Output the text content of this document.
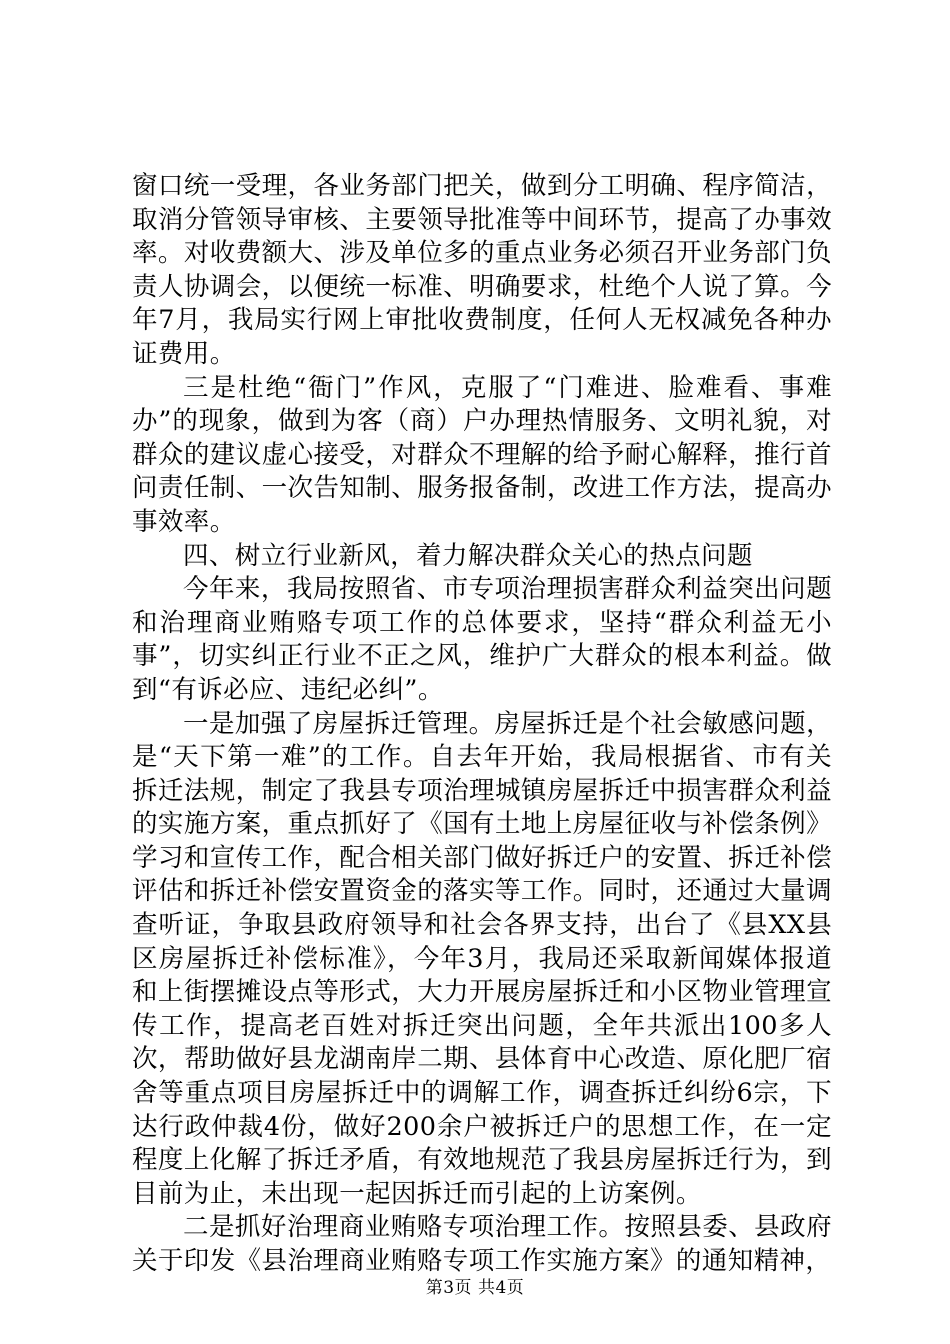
窗口统一受理，各业务部门把关，做到分工明确、程序简洁，取消分管领导审核、主要领导批准等中间环节，提高了办事效率。对收费额大、涉及单位多的重点业务必须召开业务部门负责人协调会，以便统一标准、明确要求，杜绝个人说了算。今年7月，我局实行网上审批收费制度，任何人无权减免各种办证费用。

三是杜绝“衙门”作风，克服了“门难进、脸难看、事难办”的现象，做到为客（商）户办理热情服务、文明礼貌，对群众的建议虚心接受，对群众不理解的给予耐心解释，推行首问责任制、一次告知制、服务报备制，改进工作方法，提高办事效率。

四、树立行业新风，着力解决群众关心的热点问题

今年来，我局按照省、市专项治理损害群众利益突出问题和治理商业贿赂专项工作的总体要求，坚持“群众利益无小事”，切实纠正行业不正之风，维护广大群众的根本利益。做到“有诉必应、违纪必纠”。

一是加强了房屋拆迁管理。房屋拆迁是个社会敏感问题，是“天下第一难”的工作。自去年开始，我局根据省、市有关拆迁法规，制定了我县专项治理城镇房屋拆迁中损害群众利益的实施方案，重点抓好了《国有土地上房屋征收与补偿条例》学习和宣传工作，配合相关部门做好拆迁户的安置、拆迁补偿评估和拆迁补偿安置资金的落实等工作。同时，还通过大量调查听证，争取县政府领导和社会各界支持，出台了《县XX县区房屋拆迁补偿标准》，今年3月，我局还采取新闻媒体报道和上街摆摊设点等形式，大力开展房屋拆迁和小区物业管理宣传工作，提高老百姓对拆迁突出问题，全年共派出100多人次，帮助做好县龙湖南岸二期、县体育中心改造、原化肥厂宿舍等重点项目房屋拆迁中的调解工作，调查拆迁纠纷6宗，下达行政仲裁4份，做好200余户被拆迁户的思想工作，在一定程度上化解了拆迁矛盾，有效地规范了我县房屋拆迁行为，到目前为止，未出现一起因拆迁而引起的上访案例。

二是抓好治理商业贿赂专项治理工作。按照县委、县政府关于印发《县治理商业贿赂专项工作实施方案》的通知精神，

第3页 共4页
